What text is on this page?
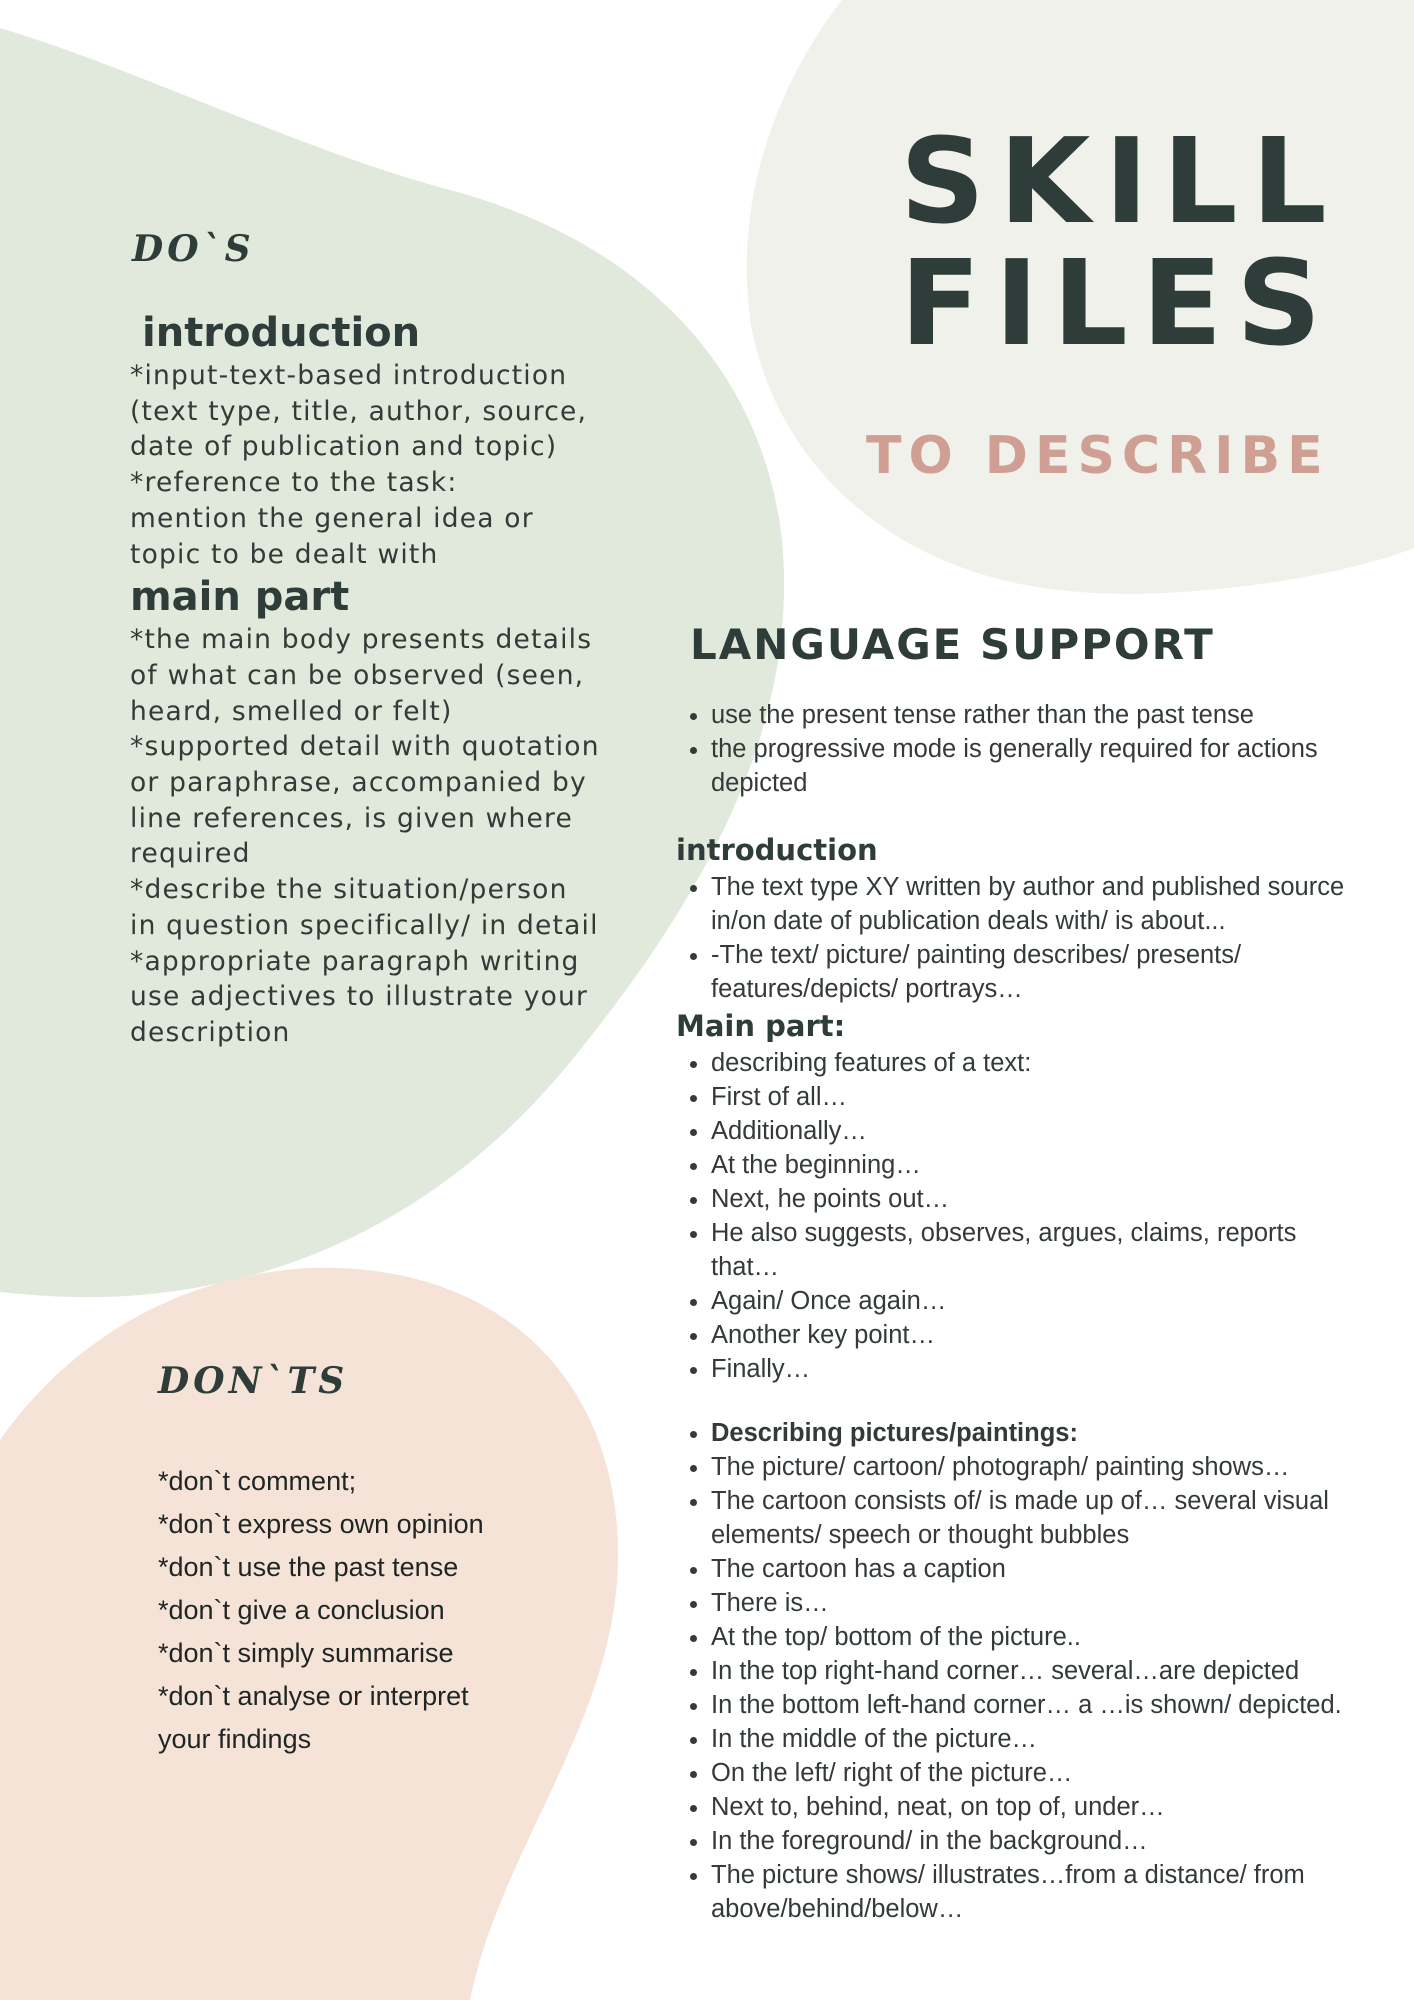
SKILL
FILES
TO DESCRIBE
DO`S
introduction

*input-text-based introduction

(text type, title, author, source,

date of publication and topic)

*reference to the task:

mention the general idea or

topic to be dealt with

main part

*the main body presents details

of what can be observed (seen,

heard, smelled or felt)

*supported detail with quotation

or paraphrase, accompanied by

line references, is given where

required

*describe the situation/person

in question specifically/ in detail

*appropriate paragraph writing

use adjectives to illustrate your

description

DON`TS
*don`t comment;
*don`t express own opinion
*don`t use the past tense
*don`t give a conclusion
*don`t simply summarise
*don`t analyse or interpret
your findings
LANGUAGE SUPPORT
• use the present tense rather than the past tense
• the progressive mode is generally required for actions depicted
introduction
• The text type XY written by author and published source in/on date of publication deals with/ is about...
• -The text/ picture/ painting describes/ presents/ features/depicts/ portrays…
Main part:
• describing features of a text:
• First of all…
• Additionally…
• At the beginning…
• Next, he points out…
• He also suggests, observes, argues, claims, reports that…
• Again/ Once again…
• Another key point…
• Finally…
• Describing pictures/paintings:
• The picture/ cartoon/ photograph/ painting shows…
• The cartoon consists of/ is made up of… several visual elements/ speech or thought bubbles
• The cartoon has a caption
• There is…
• At the top/ bottom of the picture..
• In the top right-hand corner… several…are depicted
• In the bottom left-hand corner… a …is shown/ depicted.
• In the middle of the picture…
• On the left/ right of the picture…
• Next to, behind, neat, on top of, under…
• In the foreground/ in the background…
• The picture shows/ illustrates…from a distance/ from above/behind/below…
